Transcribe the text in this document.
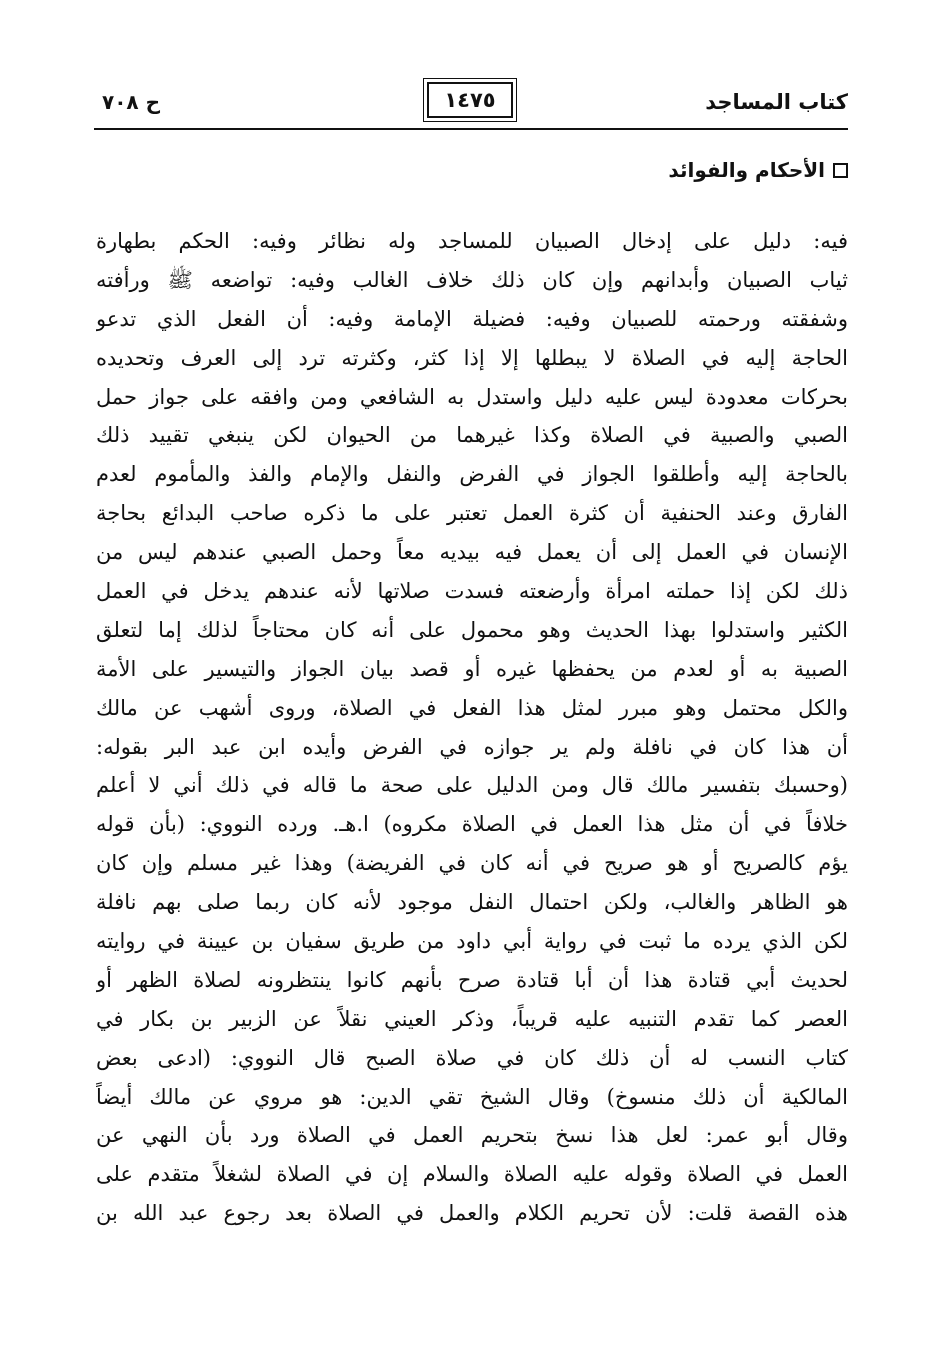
كتاب المساجد
١٤٧٥
ح ٧٠٨
الأحكام والفوائد
فيه: دليل على إدخال الصبيان للمساجد وله نظائر وفيه: الحكم بطهارة
ثياب الصبيان وأبدانهم وإن كان ذلك خلاف الغالب وفيه: تواضعه ﷺ ورأفته
وشفقته ورحمته للصبيان وفيه: فضيلة الإمامة وفيه: أن الفعل الذي تدعو
الحاجة إليه في الصلاة لا يبطلها إلا إذا كثر، وكثرته ترد إلى العرف وتحديده
بحركات معدودة ليس عليه دليل واستدل به الشافعي ومن وافقه على جواز حمل
الصبي والصبية في الصلاة وكذا غيرهما من الحيوان لكن ينبغي تقييد ذلك
بالحاجة إليه وأطلقوا الجواز في الفرض والنفل والإمام والفذ والمأموم لعدم
الفارق وعند الحنفية أن كثرة العمل تعتبر على ما ذكره صاحب البدائع بحاجة
الإنسان في العمل إلى أن يعمل فيه بيديه معاً وحمل الصبي عندهم ليس من
ذلك لكن إذا حملته امرأة وأرضعته فسدت صلاتها لأنه عندهم يدخل في العمل
الكثير واستدلوا بهذا الحديث وهو محمول على أنه كان محتاجاً لذلك إما لتعلق
الصبية به أو لعدم من يحفظها غيره أو قصد بيان الجواز والتيسير على الأمة
والكل محتمل وهو مبرر لمثل هذا الفعل في الصلاة، وروى أشهب عن مالك
أن هذا كان في نافلة ولم ير جوازه في الفرض وأيده ابن عبد البر بقوله:
(وحسبك بتفسير مالك قال ومن الدليل على صحة ما قاله في ذلك أني لا أعلم
خلافاً في أن مثل هذا العمل في الصلاة مكروه) ا.هـ. ورده النووي: (بأن قوله
يؤم كالصريح أو هو صريح في أنه كان في الفريضة) وهذا غير مسلم وإن كان
هو الظاهر والغالب، ولكن احتمال النفل موجود لأنه كان ربما صلى بهم نافلة
لكن الذي يرده ما ثبت في رواية أبي داود من طريق سفيان بن عيينة في روايته
لحديث أبي قتادة هذا أن أبا قتادة صرح بأنهم كانوا ينتظرونه لصلاة الظهر أو
العصر كما تقدم التنبيه عليه قريباً، وذكر العيني نقلاً عن الزبير بن بكار في
كتاب النسب له أن ذلك كان في صلاة الصبح قال النووي: (ادعى بعض
المالكية أن ذلك منسوخ) وقال الشيخ تقي الدين: هو مروي عن مالك أيضاً
وقال أبو عمر: لعل هذا نسخ بتحريم العمل في الصلاة ورد بأن النهي عن
العمل في الصلاة وقوله عليه الصلاة والسلام إن في الصلاة لشغلاً متقدم على
هذه القصة قلت: لأن تحريم الكلام والعمل في الصلاة بعد رجوع عبد الله بن
